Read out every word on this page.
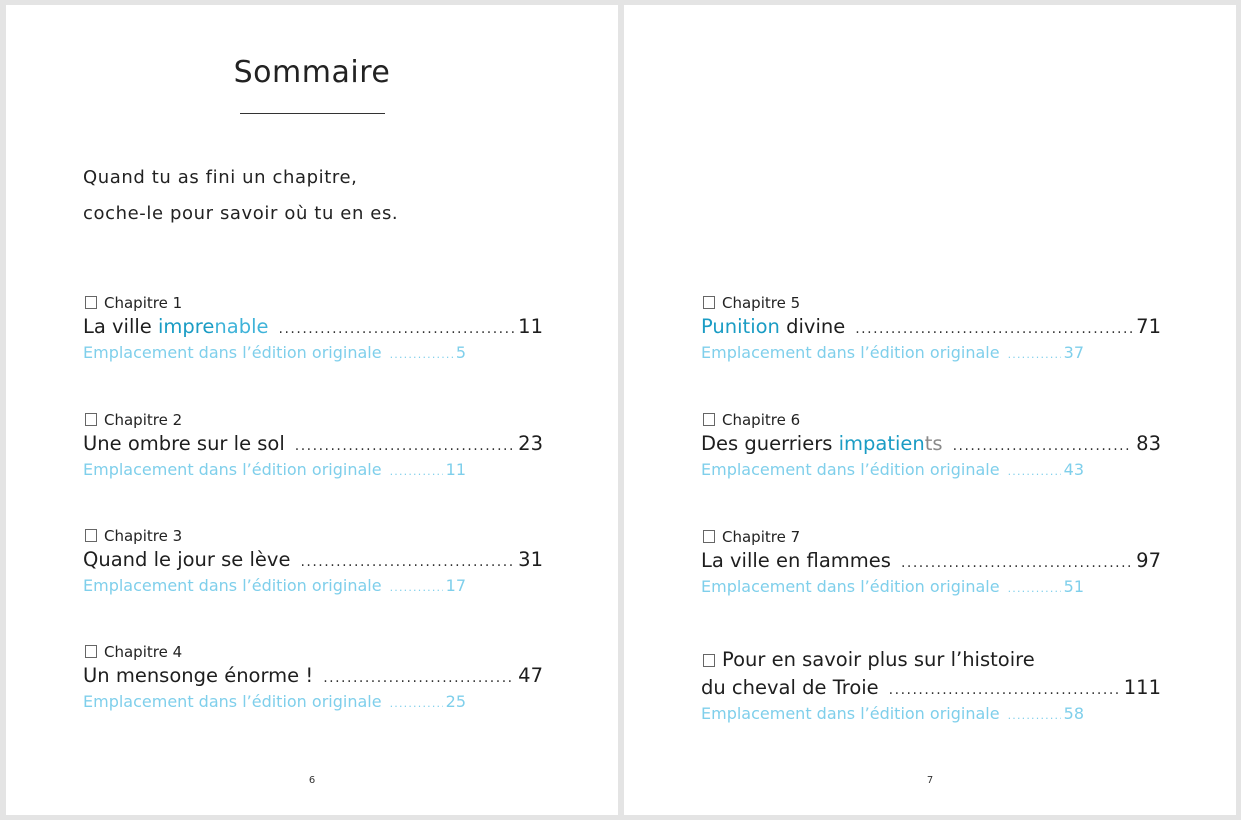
Sommaire
Quand tu as fini un chapitre,
coche-le pour savoir où tu en es.
Chapitre 1
La ville imprenable .....	11
Emplacement dans l’édition originale .....	5
Chapitre 2
Une ombre sur le sol .....	23
Emplacement dans l’édition originale .....	11
Chapitre 3
Quand le jour se lève .....	31
Emplacement dans l’édition originale .....	17
Chapitre 4
Un mensonge énorme ! .....	47
Emplacement dans l’édition originale .....	25
6
Chapitre 5
Punition divine .....	71
Emplacement dans l’édition originale .....	37
Chapitre 6
Des guerriers impatients .....	83
Emplacement dans l’édition originale .....	43
Chapitre 7
La ville en flammes .....	97
Emplacement dans l’édition originale .....	51
Pour en savoir plus sur l’histoire
du cheval de Troie .....	111
Emplacement dans l’édition originale .....	58
7
